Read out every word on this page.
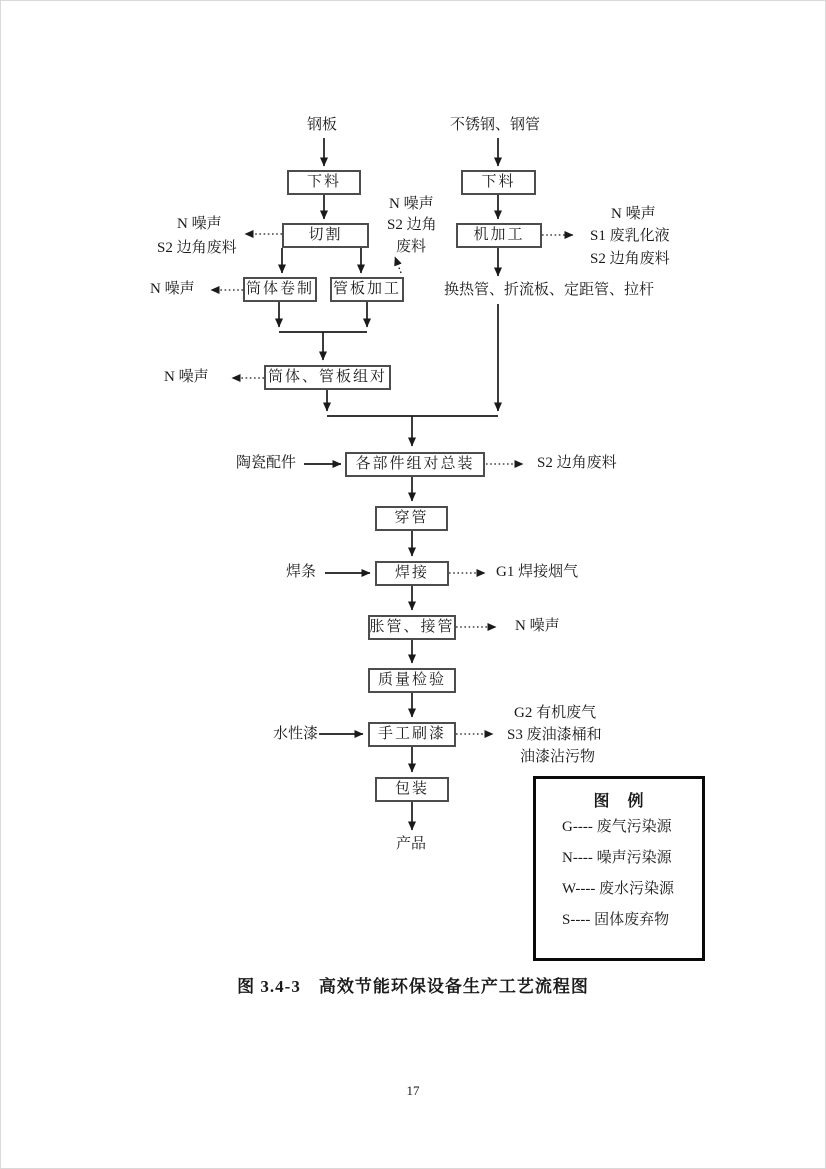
钢板	不锈钢、钢管
陶瓷配件
焊条
水性漆
下料	下料
切割	机加工
筒体卷制 管板加工
筒体、管板组对
换热管、折流板、定距管、拉杆
各部件组对总装
穿管
焊接
胀管、接管
质量检验
手工刷漆
包装
产品
N 噪声
S2 边角废料
N 噪声
S2 边角
废料
N 噪声
S1 废乳化液
S2 边角废料
N 噪声
N 噪声
S2 边角废料
G1 焊接烟气
N 噪声
G2 有机废气
S3 废油漆桶和
油漆沾污物
图　例
G---- 废气污染源
N---- 噪声污染源
W---- 废水污染源
S---- 固体废弃物
图 3.4-3　高效节能环保设备生产工艺流程图
17
